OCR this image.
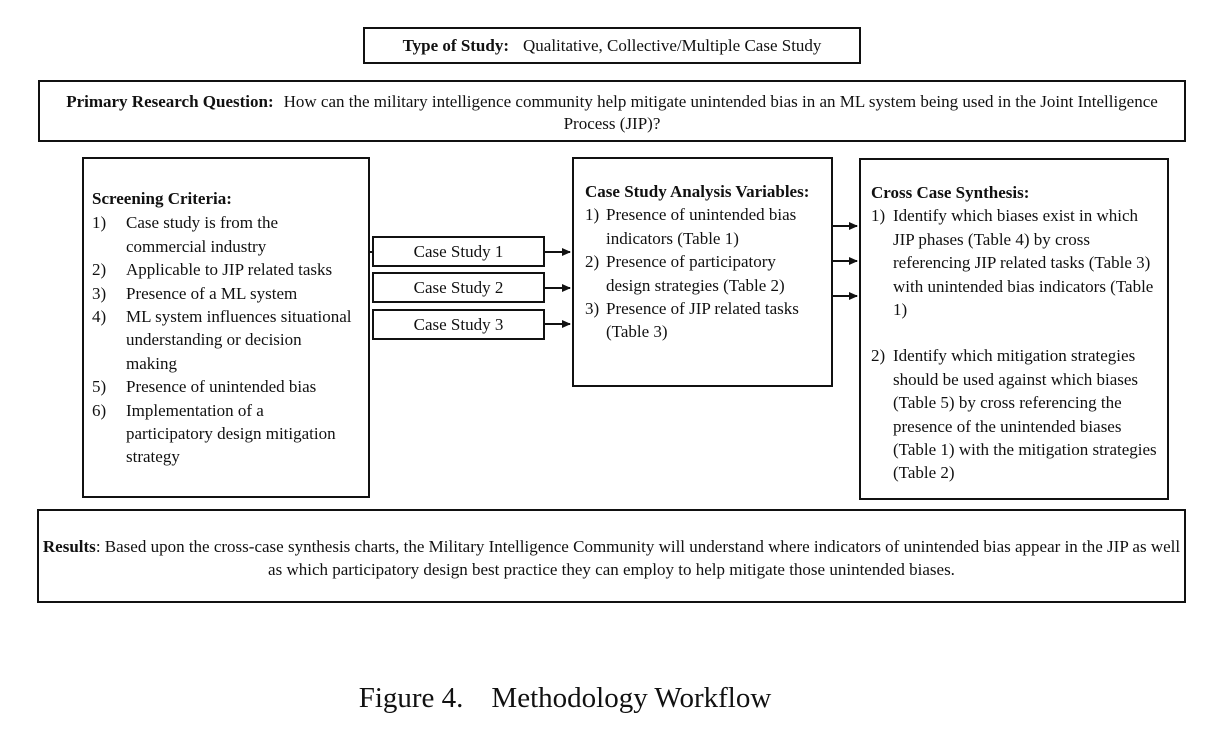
Type of Study: Qualitative, Collective/Multiple Case Study
Primary Research Question: How can the military intelligence community help mitigate unintended bias in an ML system being used in the Joint Intelligence Process (JIP)?
Screening Criteria:
1)	Case study is from the commercial industry
2)	Applicable to JIP related tasks
3)	Presence of a ML system
4)	ML system influences situational understanding or decision making
5)	Presence of unintended bias
6)	Implementation of a participatory design mitigation strategy
Case Study 1
Case Study 2
Case Study 3
Case Study Analysis Variables:
1) Presence of unintended bias indicators (Table 1)
2) Presence of participatory design strategies (Table 2)
3) Presence of JIP related tasks (Table 3)
Cross Case Synthesis:
1) Identify which biases exist in which JIP phases (Table 4) by cross referencing JIP related tasks (Table 3) with unintended bias indicators (Table 1)
2) Identify which mitigation strategies should be used against which biases (Table 5) by cross referencing the presence of the unintended biases (Table 1) with the mitigation strategies (Table 2)
Results: Based upon the cross-case synthesis charts, the Military Intelligence Community will understand where indicators of unintended bias appear in the JIP as well as which participatory design best practice they can employ to help mitigate those unintended biases.
Figure 4. Methodology Workflow
